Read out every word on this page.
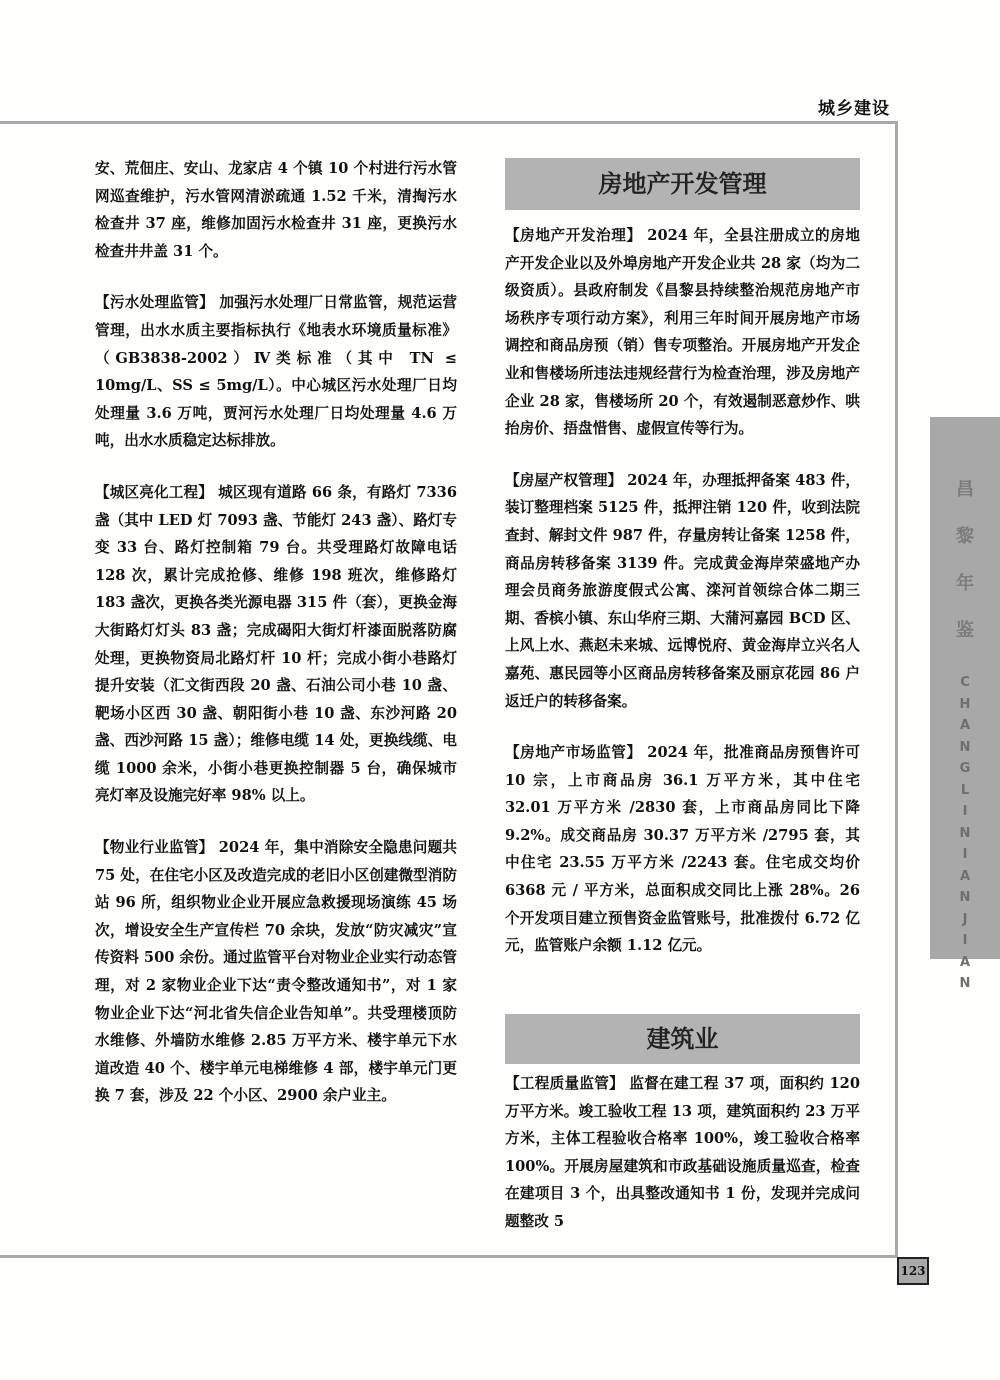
城乡建设

安、荒佃庄、安山、龙家店 4 个镇 10 个村进行污水管网巡查维护，污水管网清淤疏通 1.52 千米，清掏污水检查井 37 座，维修加固污水检查井 31 座，更换污水检查井井盖 31 个。

【污水处理监管】 加强污水处理厂日常监管，规范运营管理，出水水质主要指标执行《地表水环境质量标准》（GB3838-2002）Ⅳ类标准（其中 TN ≤ 10mg/L、SS ≤ 5mg/L）。中心城区污水处理厂日均处理量 3.6 万吨，贾河污水处理厂日均处理量 4.6 万吨，出水水质稳定达标排放。

【城区亮化工程】 城区现有道路 66 条，有路灯 7336 盏（其中 LED 灯 7093 盏、节能灯 243 盏）、路灯专变 33 台、路灯控制箱 79 台。共受理路灯故障电话 128 次，累计完成抢修、维修 198 班次，维修路灯 183 盏次，更换各类光源电器 315 件（套），更换金海大街路灯灯头 83 盏；完成碣阳大街灯杆漆面脱落防腐处理，更换物资局北路灯杆 10 杆；完成小街小巷路灯提升安装（汇文街西段 20 盏、石油公司小巷 10 盏、靶场小区西 30 盏、朝阳街小巷 10 盏、东沙河路 20 盏、西沙河路 15 盏）；维修电缆 14 处，更换线缆、电缆 1000 余米，小街小巷更换控制器 5 台，确保城市亮灯率及设施完好率 98% 以上。

【物业行业监管】 2024 年，集中消除安全隐患问题共 75 处，在住宅小区及改造完成的老旧小区创建微型消防站 96 所，组织物业企业开展应急救援现场演练 45 场次，增设安全生产宣传栏 70 余块，发放“防灾减灾”宣传资料 500 余份。通过监管平台对物业企业实行动态管理，对 2 家物业企业下达“责令整改通知书”，对 1 家物业企业下达“河北省失信企业告知单”。共受理楼顶防水维修、外墙防水维修 2.85 万平方米、楼宇单元下水道改造 40 个、楼宇单元电梯维修 4 部，楼宇单元门更换 7 套，涉及 22 个小区、2900 余户业主。

房地产开发管理

【房地产开发治理】 2024 年，全县注册成立的房地产开发企业以及外埠房地产开发企业共 28 家（均为二级资质）。县政府制发《昌黎县持续整治规范房地产市场秩序专项行动方案》，利用三年时间开展房地产市场调控和商品房预（销）售专项整治。开展房地产开发企业和售楼场所违法违规经营行为检查治理，涉及房地产企业 28 家，售楼场所 20 个，有效遏制恶意炒作、哄抬房价、捂盘惜售、虚假宣传等行为。

【房屋产权管理】 2024 年，办理抵押备案 483 件，装订整理档案 5125 件，抵押注销 120 件，收到法院查封、解封文件 987 件，存量房转让备案 1258 件，商品房转移备案 3139 件。完成黄金海岸荣盛地产办理会员商务旅游度假式公寓、滦河首领综合体二期三期、香槟小镇、东山华府三期、大蒲河嘉园 BCD 区、上风上水、燕赵未来城、远博悦府、黄金海岸立兴名人嘉苑、惠民园等小区商品房转移备案及丽京花园 86 户返迁户的转移备案。

【房地产市场监管】 2024 年，批准商品房预售许可 10 宗，上市商品房 36.1 万平方米，其中住宅 32.01 万平方米 /2830 套，上市商品房同比下降 9.2%。成交商品房 30.37 万平方米 /2795 套，其中住宅 23.55 万平方米 /2243 套。住宅成交均价 6368 元 / 平方米，总面积成交同比上涨 28%。26 个开发项目建立预售资金监管账号，批准拨付 6.72 亿元，监管账户余额 1.12 亿元。

建筑业

【工程质量监管】 监督在建工程 37 项，面积约 120 万平方米。竣工验收工程 13 项，建筑面积约 23 万平方米，主体工程验收合格率 100%，竣工验收合格率 100%。开展房屋建筑和市政基础设施质量巡查，检查在建项目 3 个，出具整改通知书 1 份，发现并完成问题整改 5

昌
黎
年
鉴
C
H
A
N
G
L
I
N
I
A
N
J
I
A
N
123
